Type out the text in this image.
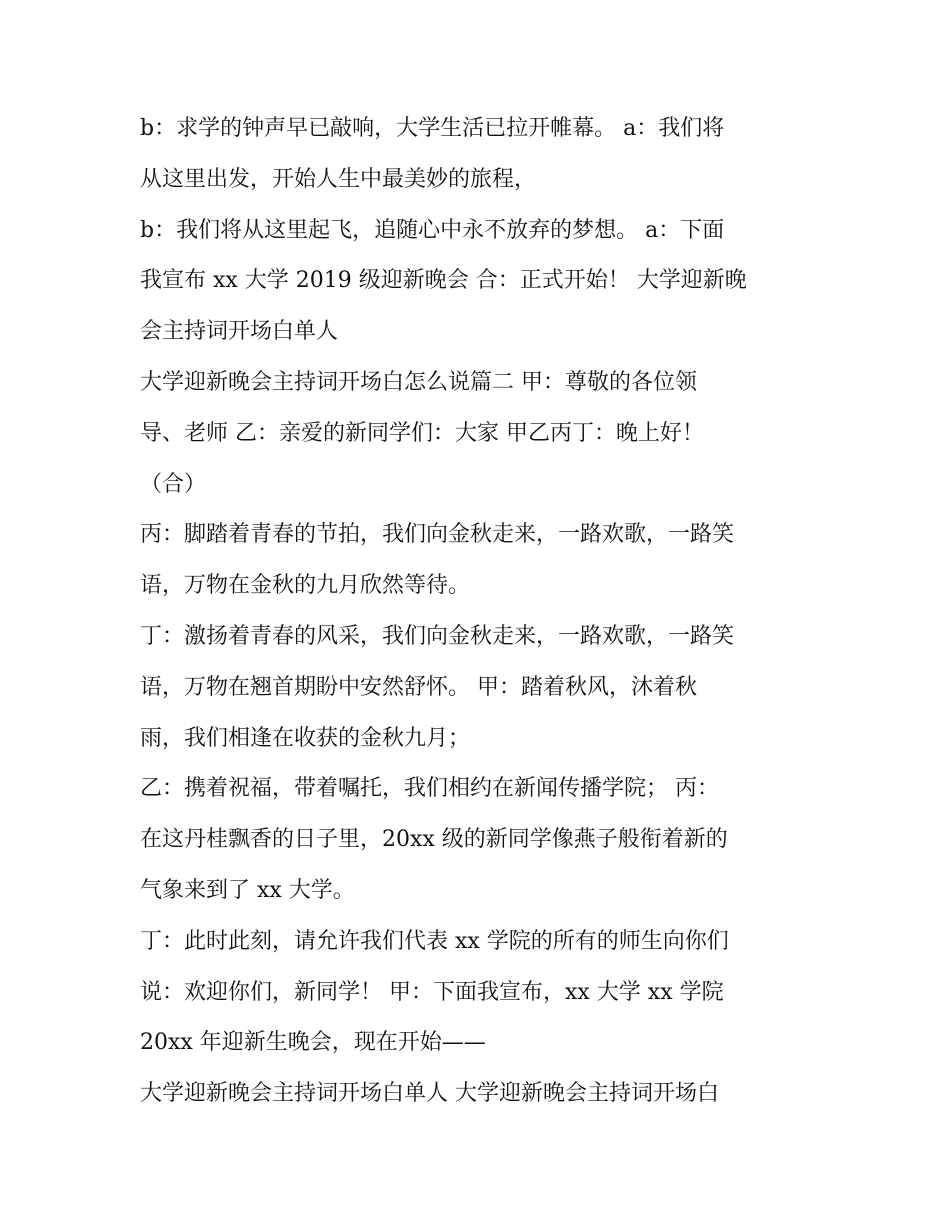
b：求学的钟声早已敲响，大学生活已拉开帷幕。 a：我们将
从这里出发，开始人生中最美妙的旅程，
b：我们将从这里起飞，追随心中永不放弃的梦想。 a：下面
我宣布 xx 大学 2019 级迎新晚会 合：正式开始！ 大学迎新晚
会主持词开场白单人
大学迎新晚会主持词开场白怎么说篇二 甲：尊敬的各位领
导、老师 乙：亲爱的新同学们：大家 甲乙丙丁：晚上好！
（合）
丙：脚踏着青春的节拍，我们向金秋走来，一路欢歌，一路笑
语，万物在金秋的九月欣然等待。
丁：激扬着青春的风采，我们向金秋走来，一路欢歌，一路笑
语，万物在翘首期盼中安然舒怀。 甲：踏着秋风，沐着秋
雨，我们相逢在收获的金秋九月；
乙：携着祝福，带着嘱托，我们相约在新闻传播学院； 丙：
在这丹桂飘香的日子里，20xx 级的新同学像燕子般衔着新的
气象来到了 xx 大学。
丁：此时此刻，请允许我们代表 xx 学院的所有的师生向你们
说：欢迎你们，新同学！ 甲：下面我宣布，xx 大学 xx 学院
20xx 年迎新生晚会，现在开始——
大学迎新晚会主持词开场白单人 大学迎新晚会主持词开场白
